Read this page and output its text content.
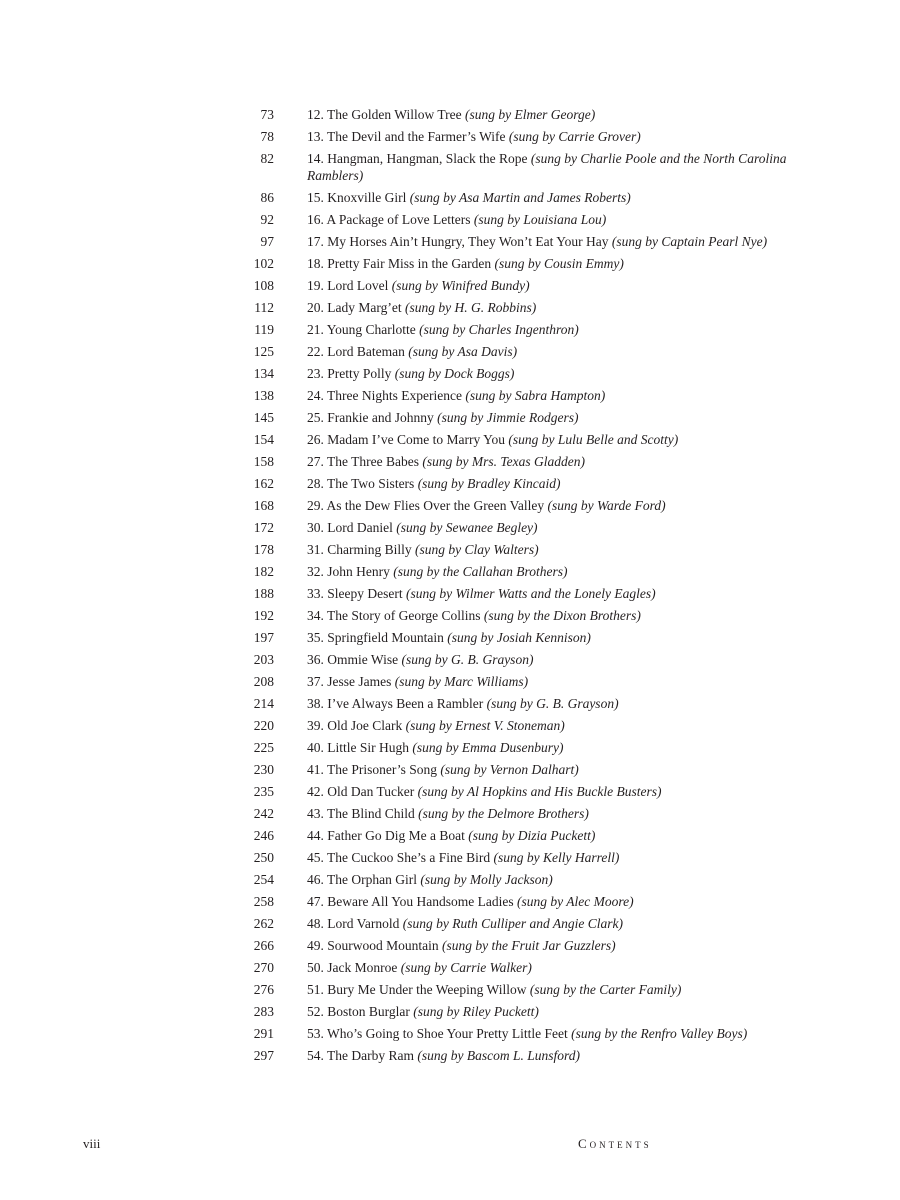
73 12. The Golden Willow Tree (sung by Elmer George)
78 13. The Devil and the Farmer’s Wife (sung by Carrie Grover)
82 14. Hangman, Hangman, Slack the Rope (sung by Charlie Poole and the North Carolina Ramblers)
86 15. Knoxville Girl (sung by Asa Martin and James Roberts)
92 16. A Package of Love Letters (sung by Louisiana Lou)
97 17. My Horses Ain’t Hungry, They Won’t Eat Your Hay (sung by Captain Pearl Nye)
102 18. Pretty Fair Miss in the Garden (sung by Cousin Emmy)
108 19. Lord Lovel (sung by Winifred Bundy)
112 20. Lady Marg’et (sung by H. G. Robbins)
119 21. Young Charlotte (sung by Charles Ingenthron)
125 22. Lord Bateman (sung by Asa Davis)
134 23. Pretty Polly (sung by Dock Boggs)
138 24. Three Nights Experience (sung by Sabra Hampton)
145 25. Frankie and Johnny (sung by Jimmie Rodgers)
154 26. Madam I’ve Come to Marry You (sung by Lulu Belle and Scotty)
158 27. The Three Babes (sung by Mrs. Texas Gladden)
162 28. The Two Sisters (sung by Bradley Kincaid)
168 29. As the Dew Flies Over the Green Valley (sung by Warde Ford)
172 30. Lord Daniel (sung by Sewanee Begley)
178 31. Charming Billy (sung by Clay Walters)
182 32. John Henry (sung by the Callahan Brothers)
188 33. Sleepy Desert (sung by Wilmer Watts and the Lonely Eagles)
192 34. The Story of George Collins (sung by the Dixon Brothers)
197 35. Springfield Mountain (sung by Josiah Kennison)
203 36. Ommie Wise (sung by G. B. Grayson)
208 37. Jesse James (sung by Marc Williams)
214 38. I’ve Always Been a Rambler (sung by G. B. Grayson)
220 39. Old Joe Clark (sung by Ernest V. Stoneman)
225 40. Little Sir Hugh (sung by Emma Dusenbury)
230 41. The Prisoner’s Song (sung by Vernon Dalhart)
235 42. Old Dan Tucker (sung by Al Hopkins and His Buckle Busters)
242 43. The Blind Child (sung by the Delmore Brothers)
246 44. Father Go Dig Me a Boat (sung by Dizia Puckett)
250 45. The Cuckoo She’s a Fine Bird (sung by Kelly Harrell)
254 46. The Orphan Girl (sung by Molly Jackson)
258 47. Beware All You Handsome Ladies (sung by Alec Moore)
262 48. Lord Varnold (sung by Ruth Culliper and Angie Clark)
266 49. Sourwood Mountain (sung by the Fruit Jar Guzzlers)
270 50. Jack Monroe (sung by Carrie Walker)
276 51. Bury Me Under the Weeping Willow (sung by the Carter Family)
283 52. Boston Burglar (sung by Riley Puckett)
291 53. Who’s Going to Shoe Your Pretty Little Feet (sung by the Renfro Valley Boys)
297 54. The Darby Ram (sung by Bascom L. Lunsford)
viii	Contents
